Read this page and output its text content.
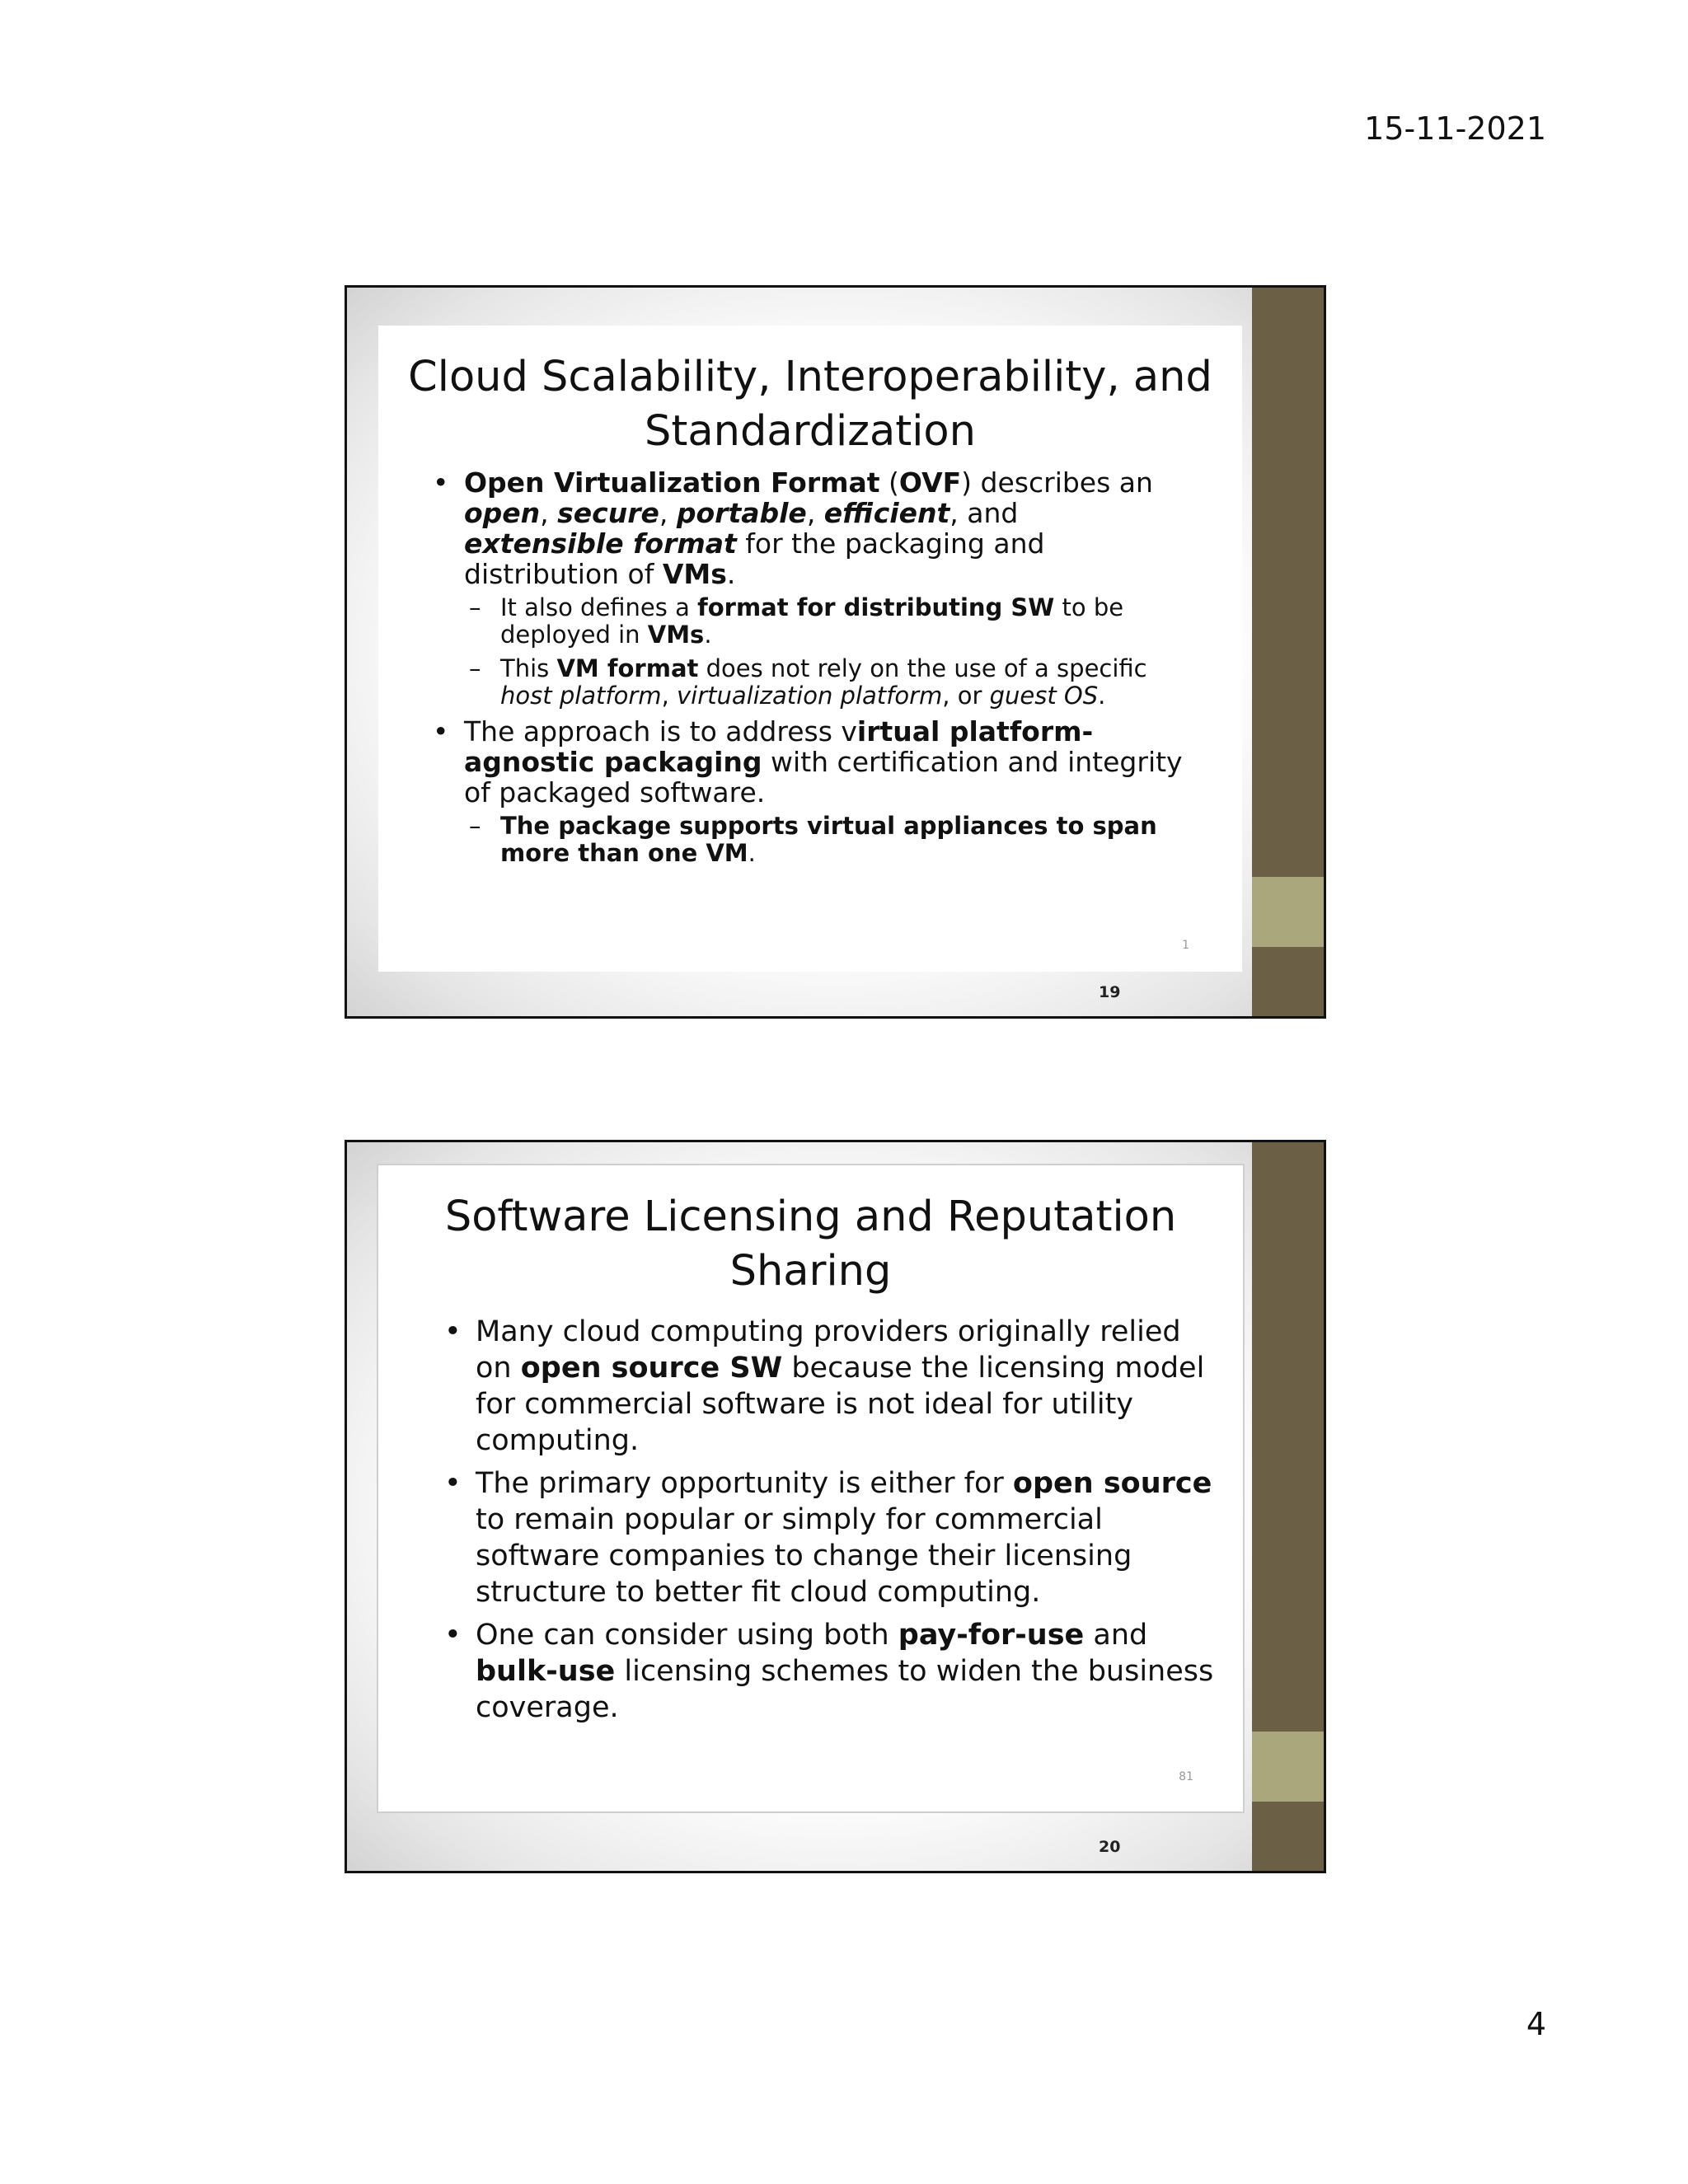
15-11-2021
Cloud Scalability, Interoperability, and
Standardization
• Open Virtualization Format (OVF) describes an open, secure, portable, efficient, and extensible format for the packaging and distribution of VMs.
– It also defines a format for distributing SW to be deployed in VMs.
– This VM format does not rely on the use of a specific host platform, virtualization platform, or guest OS.
• The approach is to address virtual platform-agnostic packaging with certification and integrity of packaged software.
– The package supports virtual appliances to span more than one VM.
1
19
Software Licensing and Reputation
Sharing
• Many cloud computing providers originally relied on open source SW because the licensing model for commercial software is not ideal for utility computing.
• The primary opportunity is either for open source to remain popular or simply for commercial software companies to change their licensing structure to better fit cloud computing.
• One can consider using both pay-for-use and bulk-use licensing schemes to widen the business coverage.
81
20
4
